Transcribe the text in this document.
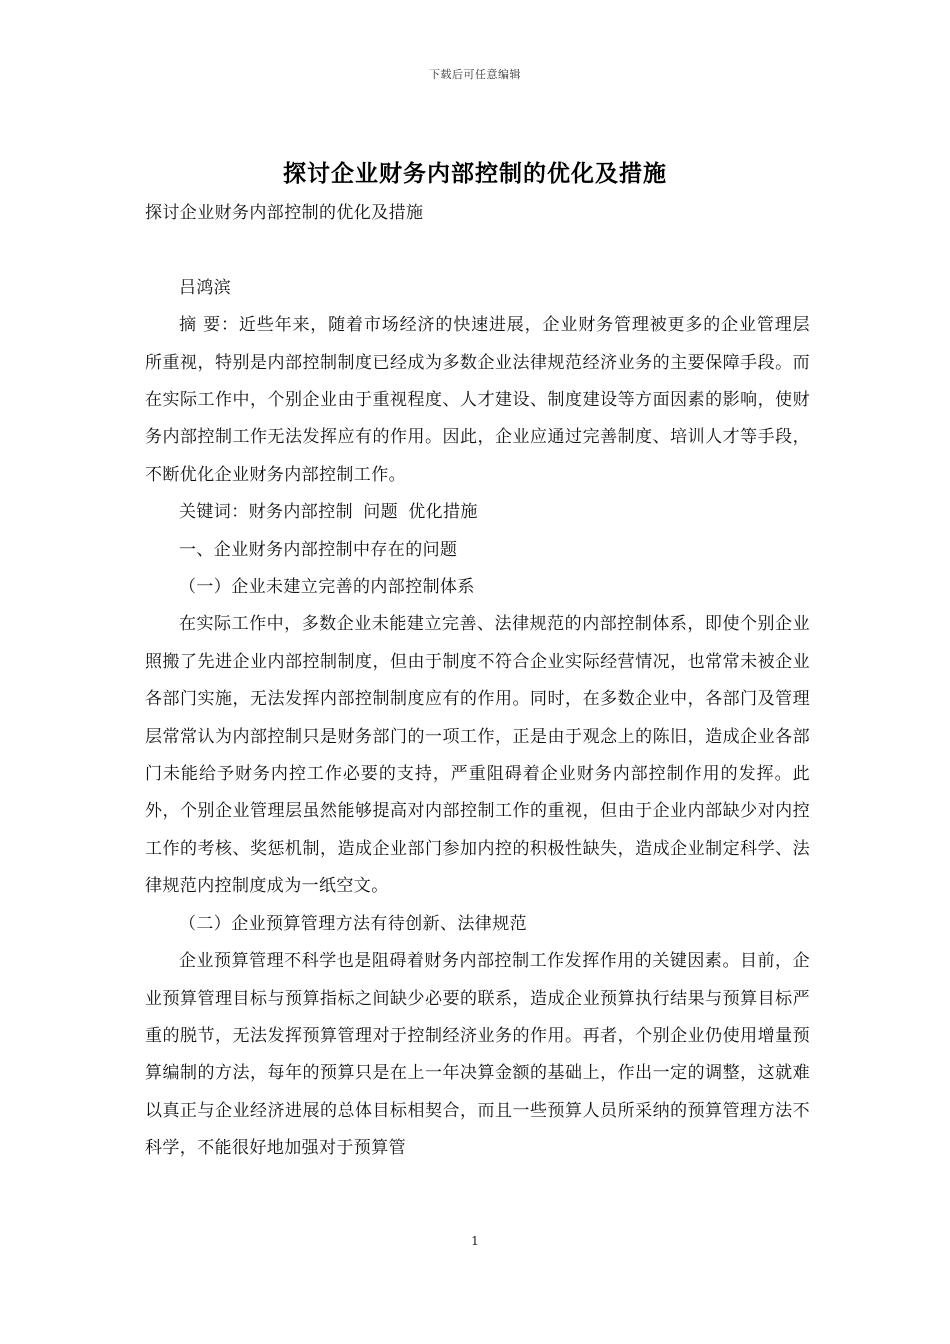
下载后可任意编辑
探讨企业财务内部控制的优化及措施

探讨企业财务内部控制的优化及措施

吕鸿滨

摘 要：近些年来，随着市场经济的快速进展，企业财务管理被更多的企业管理层所重视，特别是内部控制制度已经成为多数企业法律规范经济业务的主要保障手段。而在实际工作中，个别企业由于重视程度、人才建设、制度建设等方面因素的影响，使财务内部控制工作无法发挥应有的作用。因此，企业应通过完善制度、培训人才等手段，不断优化企业财务内部控制工作。

关键词：财务内部控制 问题 优化措施

一、企业财务内部控制中存在的问题

（一）企业未建立完善的内部控制体系

在实际工作中，多数企业未能建立完善、法律规范的内部控制体系，即使个别企业照搬了先进企业内部控制制度，但由于制度不符合企业实际经营情况，也常常未被企业各部门实施，无法发挥内部控制制度应有的作用。同时，在多数企业中，各部门及管理层常常认为内部控制只是财务部门的一项工作，正是由于观念上的陈旧，造成企业各部门未能给予财务内控工作必要的支持，严重阻碍着企业财务内部控制作用的发挥。此外，个别企业管理层虽然能够提高对内部控制工作的重视，但由于企业内部缺少对内控工作的考核、奖惩机制，造成企业部门参加内控的积极性缺失，造成企业制定科学、法律规范内控制度成为一纸空文。

（二）企业预算管理方法有待创新、法律规范

企业预算管理不科学也是阻碍着财务内部控制工作发挥作用的关键因素。目前，企业预算管理目标与预算指标之间缺少必要的联系，造成企业预算执行结果与预算目标严重的脱节，无法发挥预算管理对于控制经济业务的作用。再者，个别企业仍使用增量预算编制的方法，每年的预算只是在上一年决算金额的基础上，作出一定的调整，这就难以真正与企业经济进展的总体目标相契合，而且一些预算人员所采纳的预算管理方法不科学，不能很好地加强对于预算管

1
